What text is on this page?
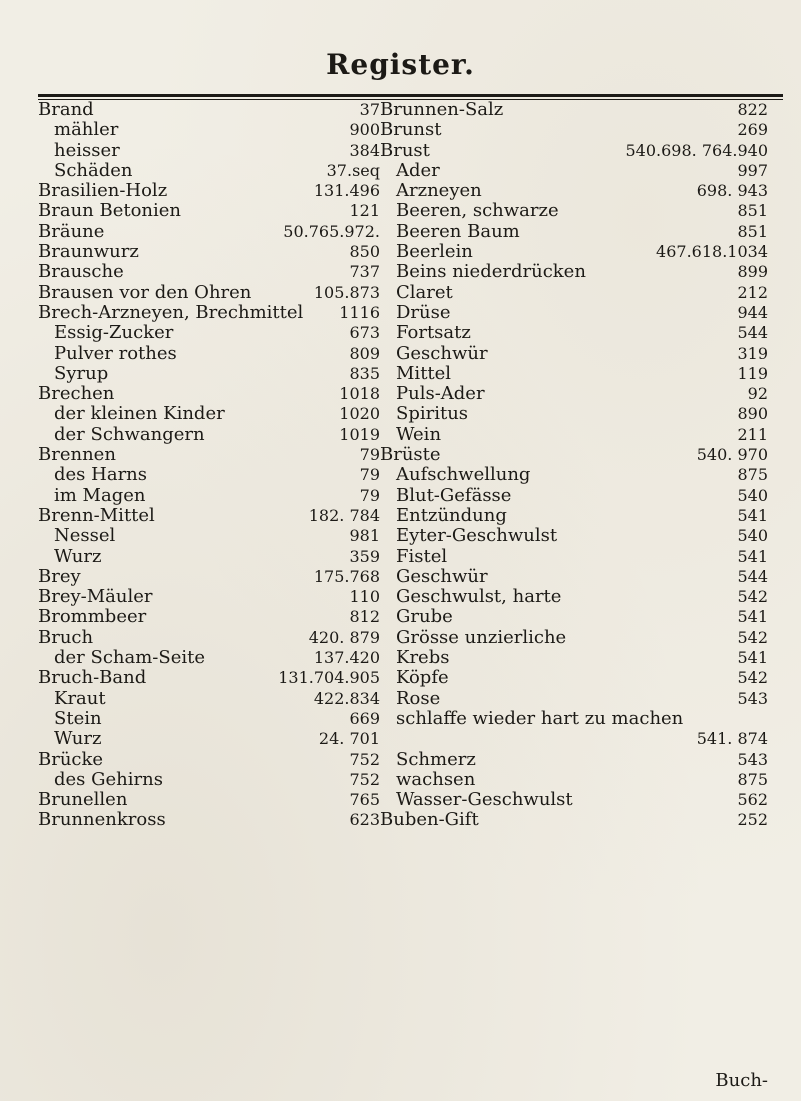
Register.
Brand	37
mähler	900
heisser	384
Schäden	37.seq
Brasilien-Holz	131.496
Braun Betonien	121
Bräune	50.765.972.
Braunwurz	850
Brausche	737
Brausen vor den Ohren	105.873
Brech-Arzneyen, Brechmittel 1116
Essig-Zucker	673
Pulver rothes	809
Syrup	835
Brechen	1018
der kleinen Kinder	1020
der Schwangern	1019
Brennen	79
des Harns	79
im Magen	79
Brenn-Mittel	182. 784
Nessel	981
Wurz	359
Brey	175.768
Brey-Mäuler	110
Brommbeer	812
Bruch	420. 879
der Scham-Seite	137.420
Bruch-Band	131.704.905
Kraut	422.834
Stein	669
Wurz	24. 701
Brücke	752
des Gehirns	752
Brunellen	765
Brunnenkross	623
Brunnen-Salz	822
Brunst	269
Brust	540.698. 764.940
Ader	997
Arzneyen	698. 943
Beeren, schwarze	851
Beeren Baum	851
Beerlein	467.618.1034
Beins niederdrücken	899
Claret	212
Drüse	944
Fortsatz	544
Geschwür	319
Mittel	119
Puls-Ader	92
Spiritus	890
Wein	211
Brüste	540. 970
Aufschwellung	875
Blut-Gefässe	540
Entzündung	541
Eyter-Geschwulst	540
Fistel	541
Geschwür	544
Geschwulst, harte	542
Grube	541
Grösse unzierliche	542
Krebs	541
Köpfe	542
Rose	543
schlaffe wieder hart zu machen
541. 874
Schmerz	543
wachsen	875
Wasser-Geschwulst	562
Buben-Gift	252
Buch-
